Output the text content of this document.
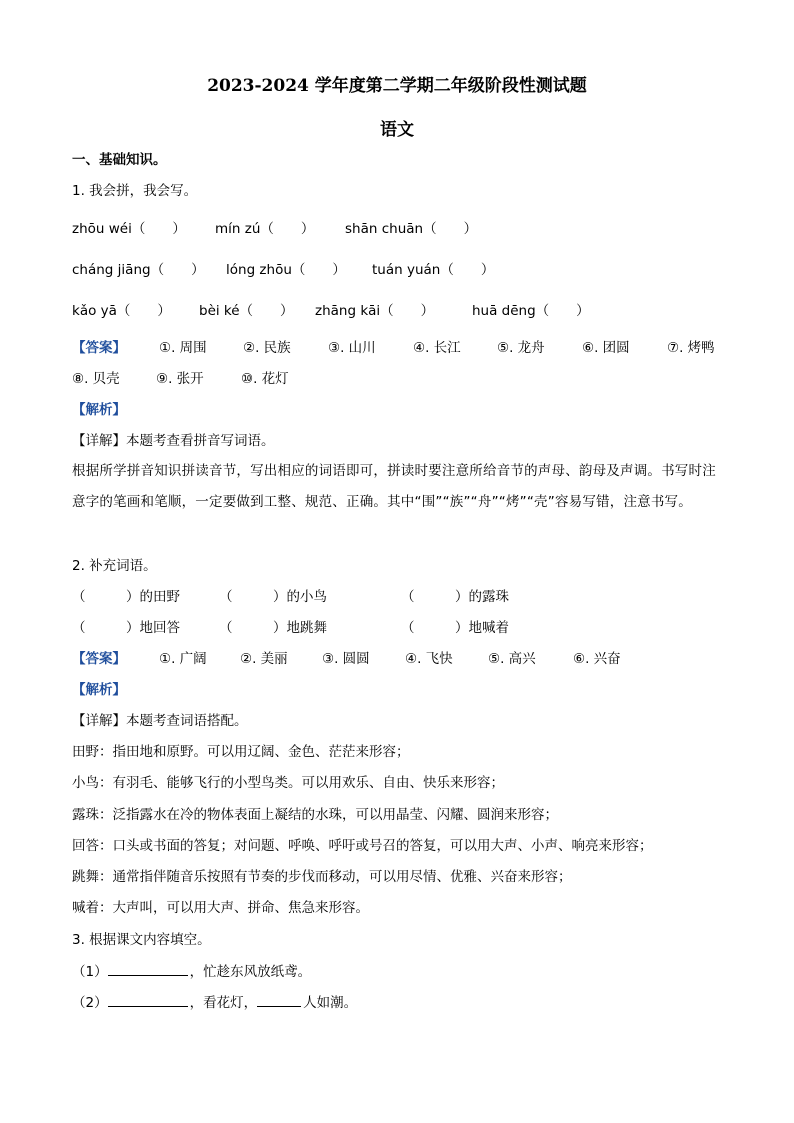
2023-2024 学年度第二学期二年级阶段性测试题
语文
一、基础知识。
1. 我会拼，我会写。
zhōu wéi（　　） mín zú（　　） shān chuān（　　）
cháng jiāng（　　） lóng zhōu（　　） tuán yuán（　　）
kǎo yā（　　） bèi ké（　　） zhāng kāi（　　）	huā dēng（　　）
【答案】 ①. 周围	②. 民族	③. 山川	④. 长江	⑤. 龙舟	⑥. 团圆	⑦. 烤鸭
⑧. 贝壳	⑨. 张开	⑩. 花灯
【解析】
【详解】本题考查看拼音写词语。
根据所学拼音知识拼读音节，写出相应的词语即可，拼读时要注意所给音节的声母、韵母及声调。书写时注意字的笔画和笔顺，一定要做到工整、规范、正确。其中“围”“族”“舟”“烤”“壳”容易写错，注意书写。
2. 补充词语。
（　　　）的田野	（　　　）的小鸟	（　　　）的露珠
（　　　）地回答	（　　　）地跳舞	（　　　）地喊着
【答案】 ①. 广阔 ②. 美丽	③. 圆圆	④. 飞快	⑤. 高兴	⑥. 兴奋
【解析】
【详解】本题考查词语搭配。
田野：指田地和原野。可以用辽阔、金色、茫茫来形容；
小鸟：有羽毛、能够飞行的小型鸟类。可以用欢乐、自由、快乐来形容；
露珠：泛指露水在冷的物体表面上凝结的水珠，可以用晶莹、闪耀、圆润来形容；
回答：口头或书面的答复；对问题、呼唤、呼吁或号召的答复，可以用大声、小声、响亮来形容；
跳舞：通常指伴随音乐按照有节奏的步伐而移动，可以用尽情、优雅、兴奋来形容；
喊着：大声叫，可以用大声、拼命、焦急来形容。
3. 根据课文内容填空。
（1）	，忙趁东风放纸鸢。
（2）	，看花灯，	人如潮。
